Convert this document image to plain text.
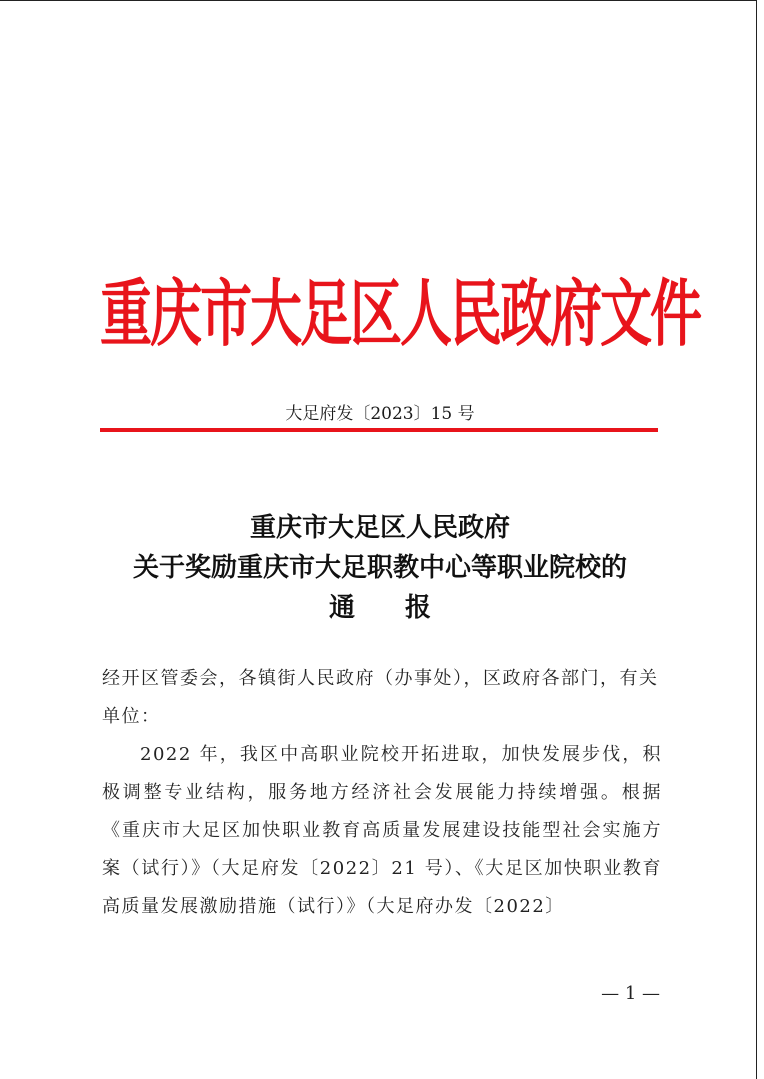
重庆市大足区人民政府文件
大足府发〔2023〕15 号
重庆市大足区人民政府
关于奖励重庆市大足职教中心等职业院校的
通报

经开区管委会，各镇街人民政府（办事处），区政府各部门，有关单位：

2022 年，我区中高职业院校开拓进取，加快发展步伐，积极调整专业结构，服务地方经济社会发展能力持续增强。根据《重庆市大足区加快职业教育高质量发展建设技能型社会实施方案（试行）》（大足府发〔2022〕21 号）、《大足区加快职业教育高质量发展激励措施（试行）》（大足府办发〔2022〕

— 1 —
